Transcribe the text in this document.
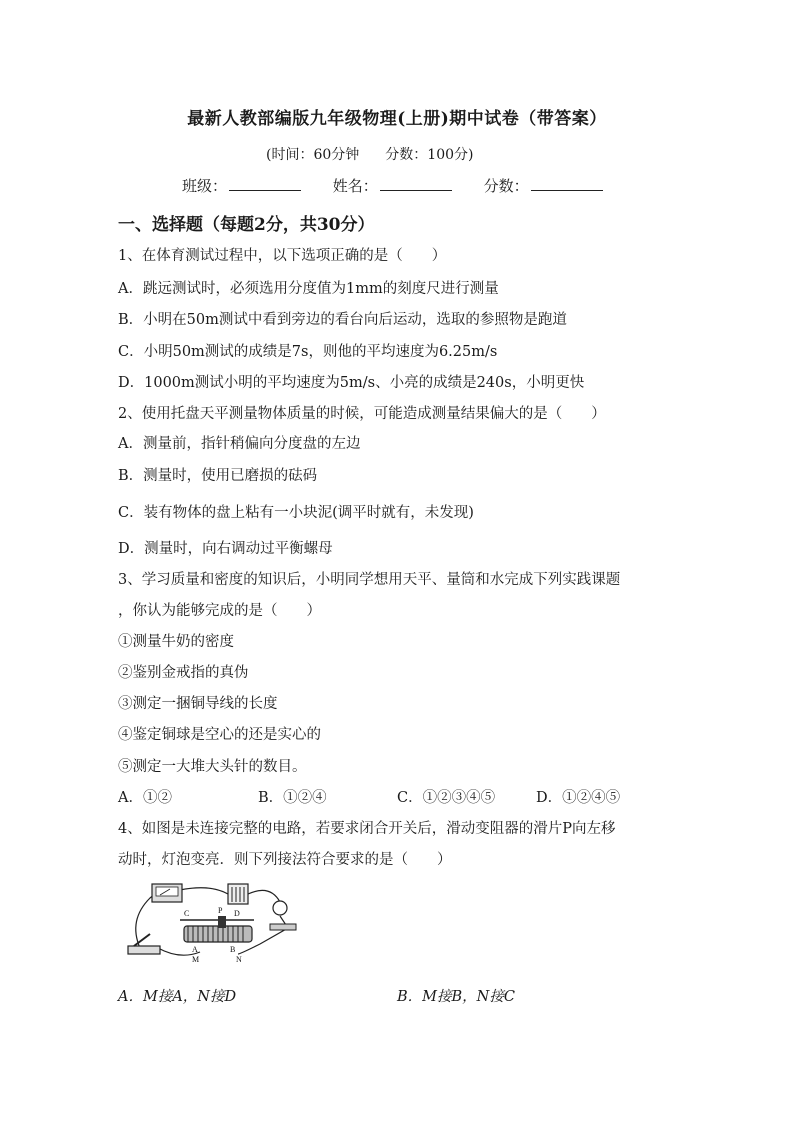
最新人教部编版九年级物理(上册)期中试卷（带答案）
(时间：60分钟 分数：100分)
班级：	姓名：	分数：
一、选择题（每题2分，共30分）
1、在体育测试过程中，以下选项正确的是（　　）
A．跳远测试时，必须选用分度值为1mm的刻度尺进行测量
B．小明在50m测试中看到旁边的看台向后运动，选取的参照物是跑道
C．小明50m测试的成绩是7s，则他的平均速度为6.25m/s
D．1000m测试小明的平均速度为5m/s、小亮的成绩是240s，小明更快
2、使用托盘天平测量物体质量的时候，可能造成测量结果偏大的是（　　）
A．测量前，指针稍偏向分度盘的左边
B．测量时，使用已磨损的砝码
C．装有物体的盘上粘有一小块泥(调平时就有，未发现)
D．测量时，向右调动过平衡螺母
3、学习质量和密度的知识后，小明同学想用天平、量筒和水完成下列实践课题
，你认为能够完成的是（　　）
①测量牛奶的密度
②鉴别金戒指的真伪
③测定一捆铜导线的长度
④鉴定铜球是空心的还是实心的
⑤测定一大堆大头针的数目。
A．①②	B．①②④	C．①②③④⑤	D．①②④⑤
4、如图是未连接完整的电路，若要求闭合开关后，滑动变阻器的滑片P向左移
动时，灯泡变亮．则下列接法符合要求的是（　　）
C	P D
A	B
M	N
A．M接A，N接D	B．M接B，N接C
